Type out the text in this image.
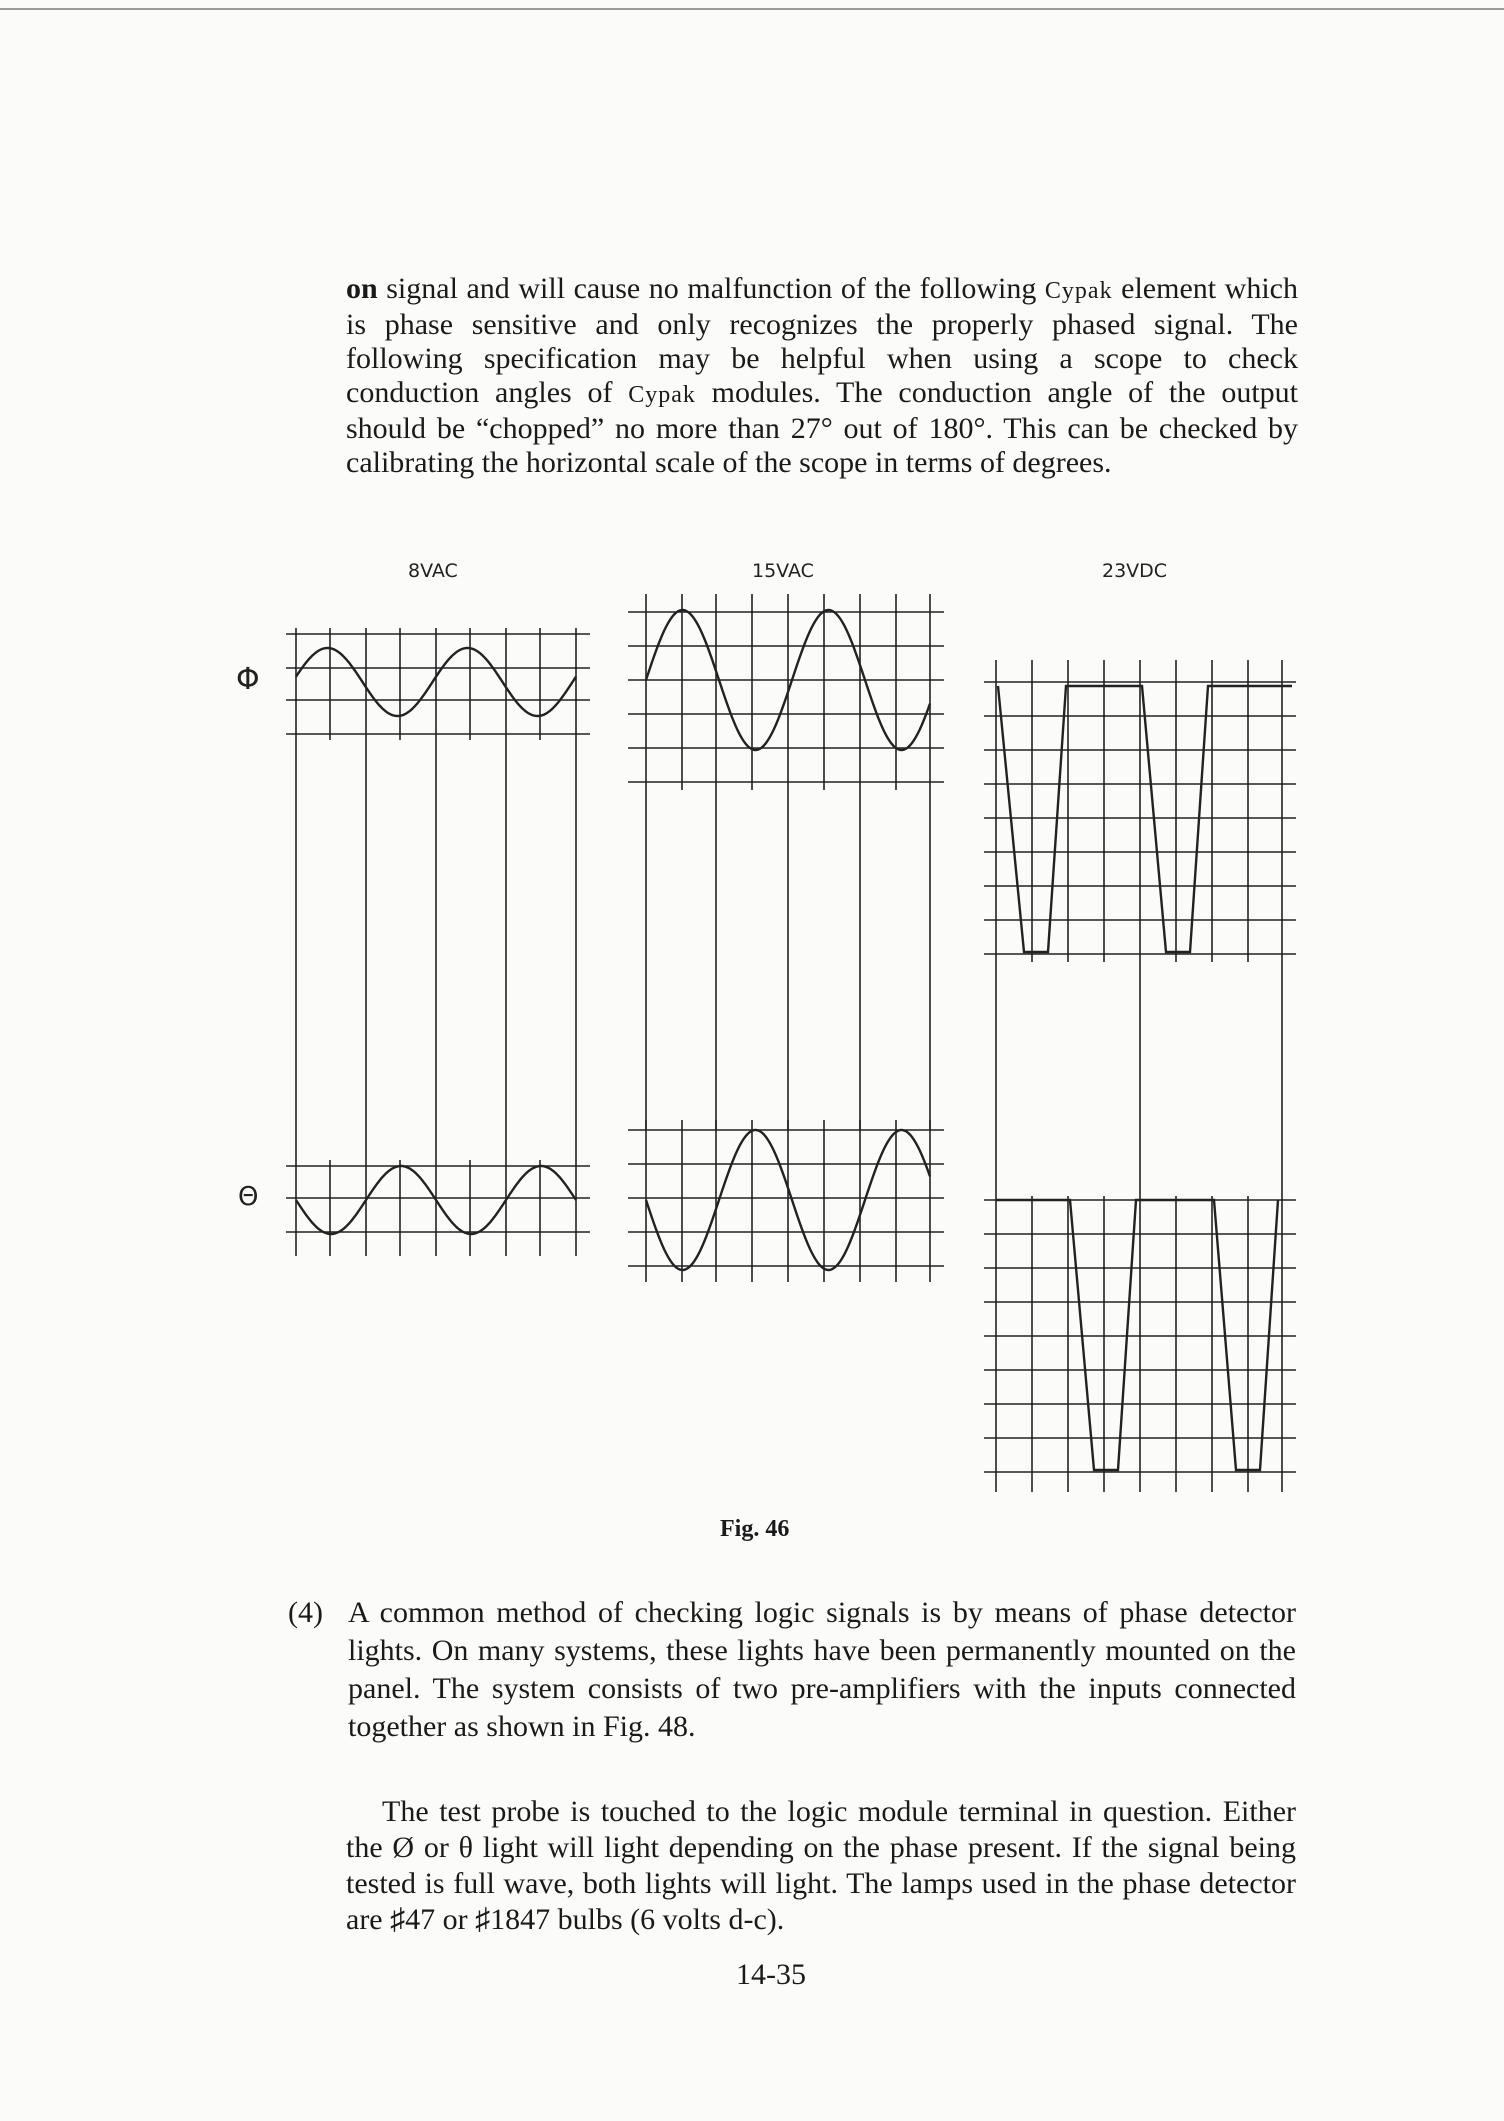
on signal and will cause no malfunction of the following Cypak element which is phase sensitive and only recognizes the properly phased signal. The following specification may be helpful when using a scope to check conduction angles of Cypak modules. The conduction angle of the output should be “chopped” no more than 27° out of 180°. This can be checked by calibrating the horizontal scale of the scope in terms of degrees.

8VAC	15VAC	23VDC
Φ
Θ
Fig. 46
(4) A common method of checking logic signals is by means of phase detector lights. On many systems, these lights have been permanently mounted on the panel. The system consists of two pre-amplifiers with the inputs connected together as shown in Fig. 48.

The test probe is touched to the logic module terminal in question. Either the Ø or θ light will light depending on the phase present. If the signal being tested is full wave, both lights will light. The lamps used in the phase detector are ♯47 or ♯1847 bulbs (6 volts d-c).

14-35
